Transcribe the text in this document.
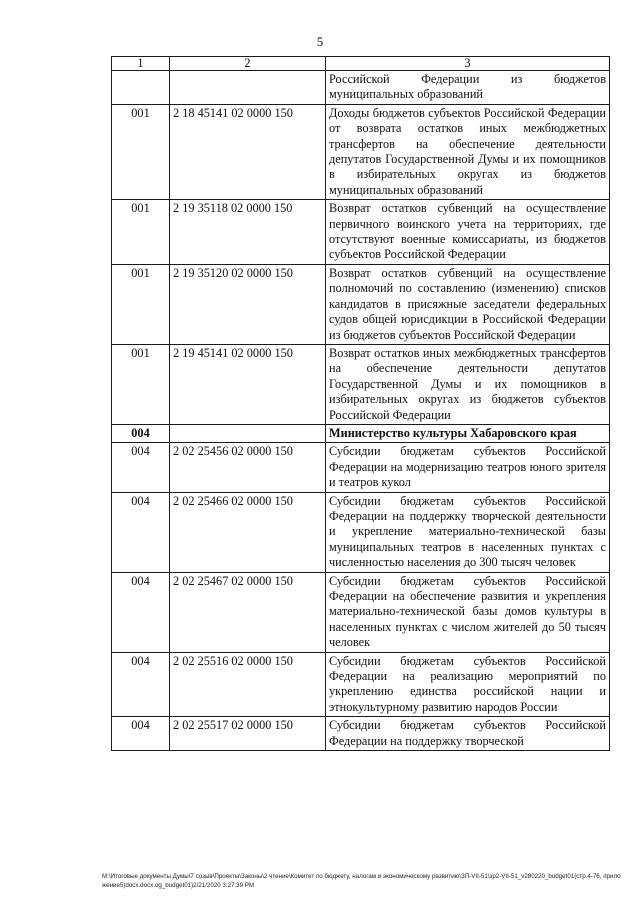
5
1	2	3
		Российской Федерации из бюджетов муниципальных образований
001	2 18 45141 02 0000 150	Доходы бюджетов субъектов Российской Федерации от возврата остатков иных межбюджетных трансфертов на обеспечение деятельности депутатов Государственной Думы и их помощников в избирательных округах из бюджетов муниципальных образований
001	2 19 35118 02 0000 150	Возврат остатков субвенций на осуществление первичного воинского учета на территориях, где отсутствуют военные комиссариаты, из бюджетов субъектов Российской Федерации
001	2 19 35120 02 0000 150	Возврат остатков субвенций на осуществление полномочий по составлению (изменению) списков кандидатов в присяжные заседатели федеральных судов общей юрисдикции в Российской Федерации из бюджетов субъектов Российской Федерации
001	2 19 45141 02 0000 150	Возврат остатков иных межбюджетных трансфертов на обеспечение деятельности депутатов Государственной Думы и их помощников в избирательных округах из бюджетов субъектов Российской Федерации
004		Министерство культуры Хабаровского края
004	2 02 25456 02 0000 150	Субсидии бюджетам субъектов Российской Федерации на модернизацию театров юного зрителя и театров кукол
004	2 02 25466 02 0000 150	Субсидии бюджетам субъектов Российской Федерации на поддержку творческой деятельности и укрепление материально-технической базы муниципальных театров в населенных пунктах с численностью населения до 300 тысяч человек
004	2 02 25467 02 0000 150	Субсидии бюджетам субъектов Российской Федерации на обеспечение развития и укрепления материально-технической базы домов культуры в населенных пунктах с числом жителей до 50 тысяч человек
004	2 02 25516 02 0000 150	Субсидии бюджетам субъектов Российской Федерации на реализацию мероприятий по укреплению единства российской нации и этнокультурному развитию народов России
004	2 02 25517 02 0000 150	Субсидии бюджетам субъектов Российской Федерации на поддержку творческой
M:\Итоговые документы Думы\7 созыв\Проекты\Законы\2 чтение\Комитет по бюджету, налогам и экономическому развитию\ЗП-VII-51\зр2-VII-51_v280220_budget01(стр.4-76, приложение5)docx.docx.og_budget01)2/21/2020 3:27:39 PM
